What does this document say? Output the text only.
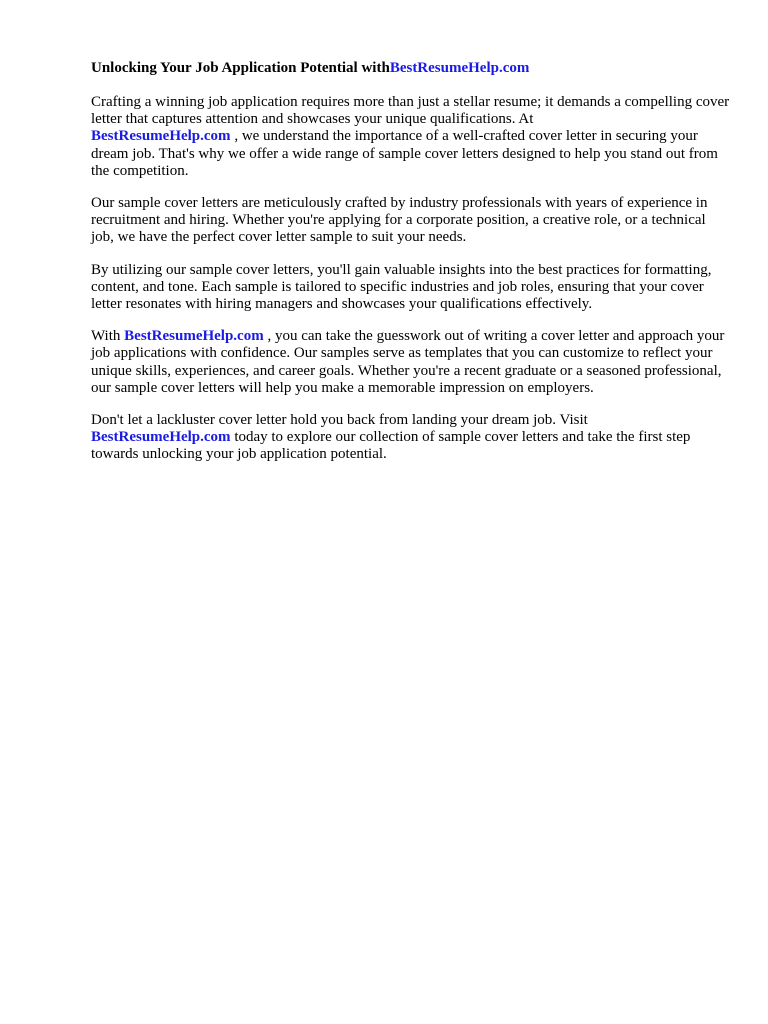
Unlocking Your Job Application Potential withBestResumeHelp.com

Crafting a winning job application requires more than just a stellar resume; it demands a compelling cover letter that captures attention and showcases your unique qualifications. At
BestResumeHelp.com , we understand the importance of a well-crafted cover letter in securing your dream job. That's why we offer a wide range of sample cover letters designed to help you stand out from the competition.

Our sample cover letters are meticulously crafted by industry professionals with years of experience in recruitment and hiring. Whether you're applying for a corporate position, a creative role, or a technical job, we have the perfect cover letter sample to suit your needs.

By utilizing our sample cover letters, you'll gain valuable insights into the best practices for formatting, content, and tone. Each sample is tailored to specific industries and job roles, ensuring that your cover letter resonates with hiring managers and showcases your qualifications effectively.

With BestResumeHelp.com , you can take the guesswork out of writing a cover letter and approach your job applications with confidence. Our samples serve as templates that you can customize to reflect your unique skills, experiences, and career goals. Whether you're a recent graduate or a seasoned professional, our sample cover letters will help you make a memorable impression on employers.

Don't let a lackluster cover letter hold you back from landing your dream job. Visit
BestResumeHelp.com today to explore our collection of sample cover letters and take the first step towards unlocking your job application potential.
